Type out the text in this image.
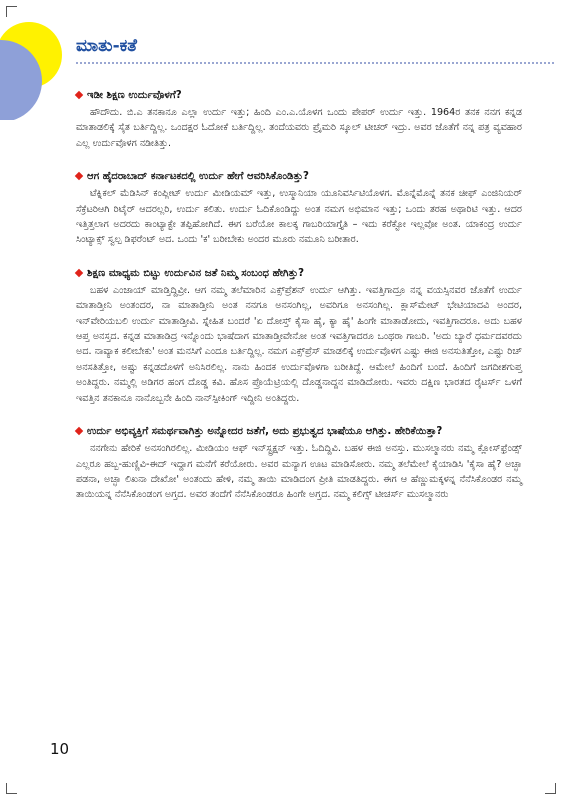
ಮಾತು-ಕತೆ
ಇಡೀ ಶಿಕ್ಷಣ ಉರ್ದುವೊಳಗೆ?
ಹೌದೌದು. ಬಿ.ಎ ತನಕಾನೂ ಎಲ್ಲಾ ಉರ್ದು ಇತ್ತು; ಹಿಂದಿ ಎಂ.ಎ.ಯೊಳಗ ಒಂದು ಪೇಪರ್ ಉರ್ದು ಇತ್ತು. 1964ರ ತನಕ ನನಗ ಕನ್ನಡ ಮಾತಾಡಲಿಕ್ಕೆ ಸೈತ ಬರ್ತಿದ್ದಿಲ್ಲ. ಒಂದಕ್ಷರ ಓದೋಕೆ ಬರ್ತಿದ್ದಿಲ್ಲ. ತಂದೆಯವರು ಪ್ರೈಮರಿ ಸ್ಕೂಲ್ ಟೀಚರ್ ಇದ್ರು. ಅವರ ಜೊತೆಗೆ ನನ್ನ ಪತ್ರ ವ್ಯವಹಾರ ಎಲ್ಲ ಉರ್ದುವೊಳಗ ನಡೀತಿತ್ತು.
ಆಗ ಹೈದರಾಬಾದ್ ಕರ್ನಾಟಕದಲ್ಲಿ ಉರ್ದು ಹೇಗೆ ಆವರಿಸಿಕೊಂಡಿತ್ತು?
ಟೆಕ್ನಿಕಲ್ ಮೆಡಿಸಿನ್ ಕಂಪ್ಲೀಟ್ ಉರ್ದು ಮೀಡಿಯಮ್ ಇತ್ತು, ಉಸ್ಮಾನಿಯಾ ಯೂನಿವರ್ಸಿಟಿಯೊಳಗ. ಮೊನ್ನೆಮೊನ್ನೆ ತನಕ ಚೀಫ್ ಎಂಜಿನಿಯರ್ ಸೆಕ್ರೆಟರಿಆಗಿ ರಿಟೈರ್ ಆದರಲ್ಲರಿ, ಉರ್ದು ಕಲಿತು. ಉರ್ದು ಓದಿಕೊಂಡಿದ್ದು ಅಂತ ನಮಗ ಅಭಿಮಾನ ಇತ್ತು; ಒಂದು ತರಹ ಅಥಾರಿಟಿ ಇತ್ತು. ಆದರ ಇತ್ತಿತ್ತಲಾಗ ಅದರದು ಕಾಂಟ್ಯಾಕ್ಟೇ ತಪ್ಪಿಹೋಗಿದೆ. ಈಗ ಬರೆಯೋ ಕಾಲಕ್ಕ ಗಾಬರಿಯಾಗ್ತೈತಿ – ಇದು ಕರೆಕ್ಟೋ ಇಲ್ಲವೋ ಅಂತ. ಯಾಕಂದ್ರ ಉರ್ದು ಸಿಂಟ್ಯಾಕ್ಸ್ ಸ್ವಲ್ಪ ಡಿಫರೆಂಟ್ ಅದ. ಒಂದು 'ಕ' ಬರೀಬೇಕು ಅಂದರ ಮೂರು ನಮೂನಿ ಬರೀತಾರ.
ಶಿಕ್ಷಣ ಮಾಧ್ಯಮ ಬಿಟ್ಟು ಉರ್ದುವಿನ ಜತೆ ನಿಮ್ಮ ಸಂಬಂಧ ಹೇಗಿತ್ತು?
ಬಹಳ ಎಂಜಾಯ್ ಮಾಡ್ತಿದ್ದಿವ್ರೀ. ಆಗ ನಮ್ಮ ತಲೆಮಾರಿನ ಎಕ್ಸ್‌ಪ್ರೆಶನ್ ಉರ್ದು ಆಗಿತ್ತು. ಇವತ್ತಿಗಾದ್ರೂ ನನ್ನ ವಯಸ್ಸಿನವರ ಜೊತೆಗೆ ಉರ್ದು ಮಾತಾಡ್ತೀನಿ ಅಂತಂದರ, ನಾ ಮಾತಾಡ್ತೀನಿ ಅಂತ ನನಗೂ ಅನಸಂಗಿಲ್ಲ, ಅವರಿಗೂ ಅನಸಂಗಿಲ್ಲ. ಕ್ಲಾಸ್‌ಮೇಟ್ ಭೇಟಿಯಾದವಿ ಅಂದರ, ಇನ್‌ವೇರಿಯಬಲಿ ಉರ್ದು ಮಾತಾಡ್ತೀವಿ. ಸ್ನೇಹಿತ ಬಂದರೆ 'ಏ ದೋಸ್ತ್ ಕೈಸಾ ಹೈ, ಕ್ಯಾ ಹೈ' ಹಿಂಗೇ ಮಾತಾಡೋದು, ಇವತ್ತಿಗಾದರೂ. ಅದು ಬಹಳ ಆಪ್ತ ಅನಸ್ತದ. ಕನ್ನಡ ಮಾತಾಡಿದ್ರ ಇನ್ನೊಂದು ಭಾಷೆದಾಗ ಮಾತಾಡ್ತೀವೇನೋ ಅಂತ ಇವತ್ತಿಗಾದರೂ ಒಂಥರಾ ಗಾಬರಿ. 'ಅದು ಬ್ಯಾರೆ ಧರ್ಮದವರದು ಅದ. ನಾವ್ಯಾಕ ಕಲೀಬೇಕು' ಅಂತ ಮನಸಿಗೆ ಎಂದೂ ಬರ್ತಿದ್ದಿಲ್ಲ. ನಮಗ ಎಕ್ಸ್‌ಪ್ರೆಸ್ ಮಾಡಲಿಕ್ಕೆ ಉರ್ದುವೊಳಗ ಎಷ್ಟು ಈಜಿ ಅನಸುತಿತ್ತೋ, ಎಷ್ಟು ರಿಚ್ ಅನಸತಿತ್ತೋ, ಅಷ್ಟು ಕನ್ನಡದೊಳಗೆ ಅನಿಸಿರಲಿಲ್ಲ. ನಾನು ಹಿಂದಕ ಉರ್ದುವೊಳಗಾ ಬರೀತಿದ್ದೆ. ಆಮೇಲೆ ಹಿಂದಿಗೆ ಬಂದೆ. ಹಿಂದಿಗೆ ಜಗದೀಶಗುಪ್ತ ಅಂತಿದ್ದರು. ನಮ್ಮಲ್ಲಿ ಅಡಿಗರ ಹಂಗ ದೊಡ್ಡ ಕವಿ. ಹೊಸ ಪ್ರೊಯೆಟ್ರಿಯಲ್ಲಿ ದೊಡ್ಡನಾದ್ದನ ಮಾಡಿದೋರು. ಇವರು ದಕ್ಷಿಣ ಭಾರತದ ರೈಟರ್ಸ್ ಒಳಗೆ ಇವತ್ತಿನ ತನಕಾನೂ ನಾನೊಬ್ಬನೇ ಹಿಂದಿ ನಾನ್‌ಸ್ಪೀಕಿಂಗ್ ಇದ್ದೀನಿ ಅಂತಿದ್ದರು.
ಉರ್ದು ಅಭಿವ್ಯಕ್ತಿಗೆ ಸಮರ್ಥವಾಗಿತ್ತು ಅನ್ನೋದರ ಜತೆಗೆ, ಅದು ಪ್ರಭುತ್ವದ ಭಾಷೆಯೂ ಆಗಿತ್ತು. ಹೇರಿಕೆಯಿತ್ತಾ?
ನನಗೇನು ಹೇರಿಕೆ ಅನಸಂಗಿರಲಿಲ್ಲ. ಮೀಡಿಯಂ ಆಫ್ ಇನ್‌ಸ್ಟ್ರಕ್ಷನ್ ಇತ್ತು. ಓದಿದ್ದಿವಿ. ಬಹಳ ಈಜಿ ಅನಸ್ತು. ಮುಸಲ್ಮಾನರು ನಮ್ಮ ಕ್ಲೋಸ್‌ಫ್ರೆಂಡ್ಸ್ ಎಲ್ಲರೂ ಹಬ್ಬ-ಹುಣ್ಣಿವಿ-ಈದ್ ಇದ್ದಾಗ ಮನೆಗೆ ಕರೆಯೋರು. ಅವರ ಮನ್ಯಾಗ ಊಟ ಮಾಡಿಸೋರು. ನಮ್ಮ ತಲೆಮೇಲೆ ಕೈಯಾಡಿಸಿ 'ಕೈಸಾ ಹೈ? ಅಚ್ಛಾ ಪಡನಾ, ಅಚ್ಛಾ ಲಿಖನಾ ದೇಖೋ' ಅಂತಂದು ಹೇಳಿ, ನಮ್ಮ ತಾಯಿ ಮಾಡಿದಂಗ ಪ್ರೀತಿ ಮಾಡತಿದ್ದರು. ಈಗ ಆ ಹೆಣ್ಣುಮಕ್ಕಳನ್ನ ನೆನೆಸಿಕೊಂಡರ ನಮ್ಮ ತಾಯಿಯನ್ನ ನೆನೆಸಿಕೊಂಡಂಗ ಅಗ್ತದ. ಅವರ ತಂದೆಗೆ ನೆನೆಸಿಕೊಂಡರೂ ಹಿಂಗೇ ಅಗ್ತದ. ನಮ್ಮ ಕಲಿಗ್ಸ್ ಟೀಚರ್ಸ್ ಮುಸಲ್ಮಾನರು
10
